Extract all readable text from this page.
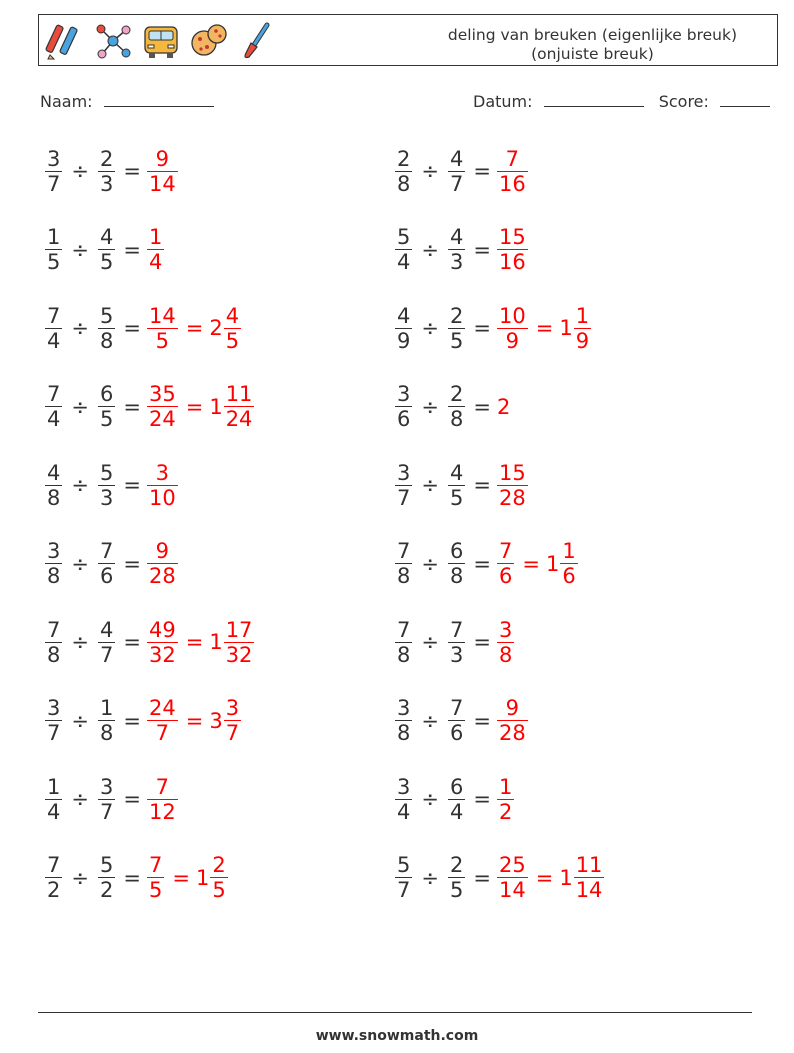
deling van breuken (eigenlijke breuk)
(onjuiste breuk)
Naam:	Datum:	Score:
$\frac{3}{7} \div \frac{2}{3} = \frac{9}{14}$	$\frac{2}{8} \div \frac{4}{7} = \frac{7}{16}$
$\frac{1}{5} \div \frac{4}{5} = \frac{1}{4}$	$\frac{5}{4} \div \frac{4}{3} = \frac{15}{16}$
$\frac{7}{4} \div \frac{5}{8} = \frac{14}{5} = 2 \frac{4}{5}$	$\frac{4}{9} \div \frac{2}{5} = \frac{10}{9} = 1 \frac{1}{9}$
$\frac{7}{4} \div \frac{6}{5} = \frac{35}{24} = 1 \frac{11}{24}$	$\frac{3}{6} \div \frac{2}{8} = 2$
$\frac{4}{8} \div \frac{5}{3} = \frac{3}{10}$	$\frac{3}{7} \div \frac{4}{5} = \frac{15}{28}$
$\frac{3}{8} \div \frac{7}{6} = \frac{9}{28}$	$\frac{7}{8} \div \frac{6}{8} = \frac{7}{6} = 1 \frac{1}{6}$
$\frac{7}{8} \div \frac{4}{7} = \frac{49}{32} = 1 \frac{17}{32}$	$\frac{7}{8} \div \frac{7}{3} = \frac{3}{8}$
$\frac{3}{7} \div \frac{1}{8} = \frac{24}{7} = 3 \frac{3}{7}$	$\frac{3}{8} \div \frac{7}{6} = \frac{9}{28}$
$\frac{1}{4} \div \frac{3}{7} = \frac{7}{12}$	$\frac{3}{4} \div \frac{6}{4} = \frac{1}{2}$
$\frac{7}{2} \div \frac{5}{2} = \frac{7}{5} = 1 \frac{2}{5}$	$\frac{5}{7} \div \frac{2}{5} = \frac{25}{14} = 1 \frac{11}{14}$
www.snowmath.com
